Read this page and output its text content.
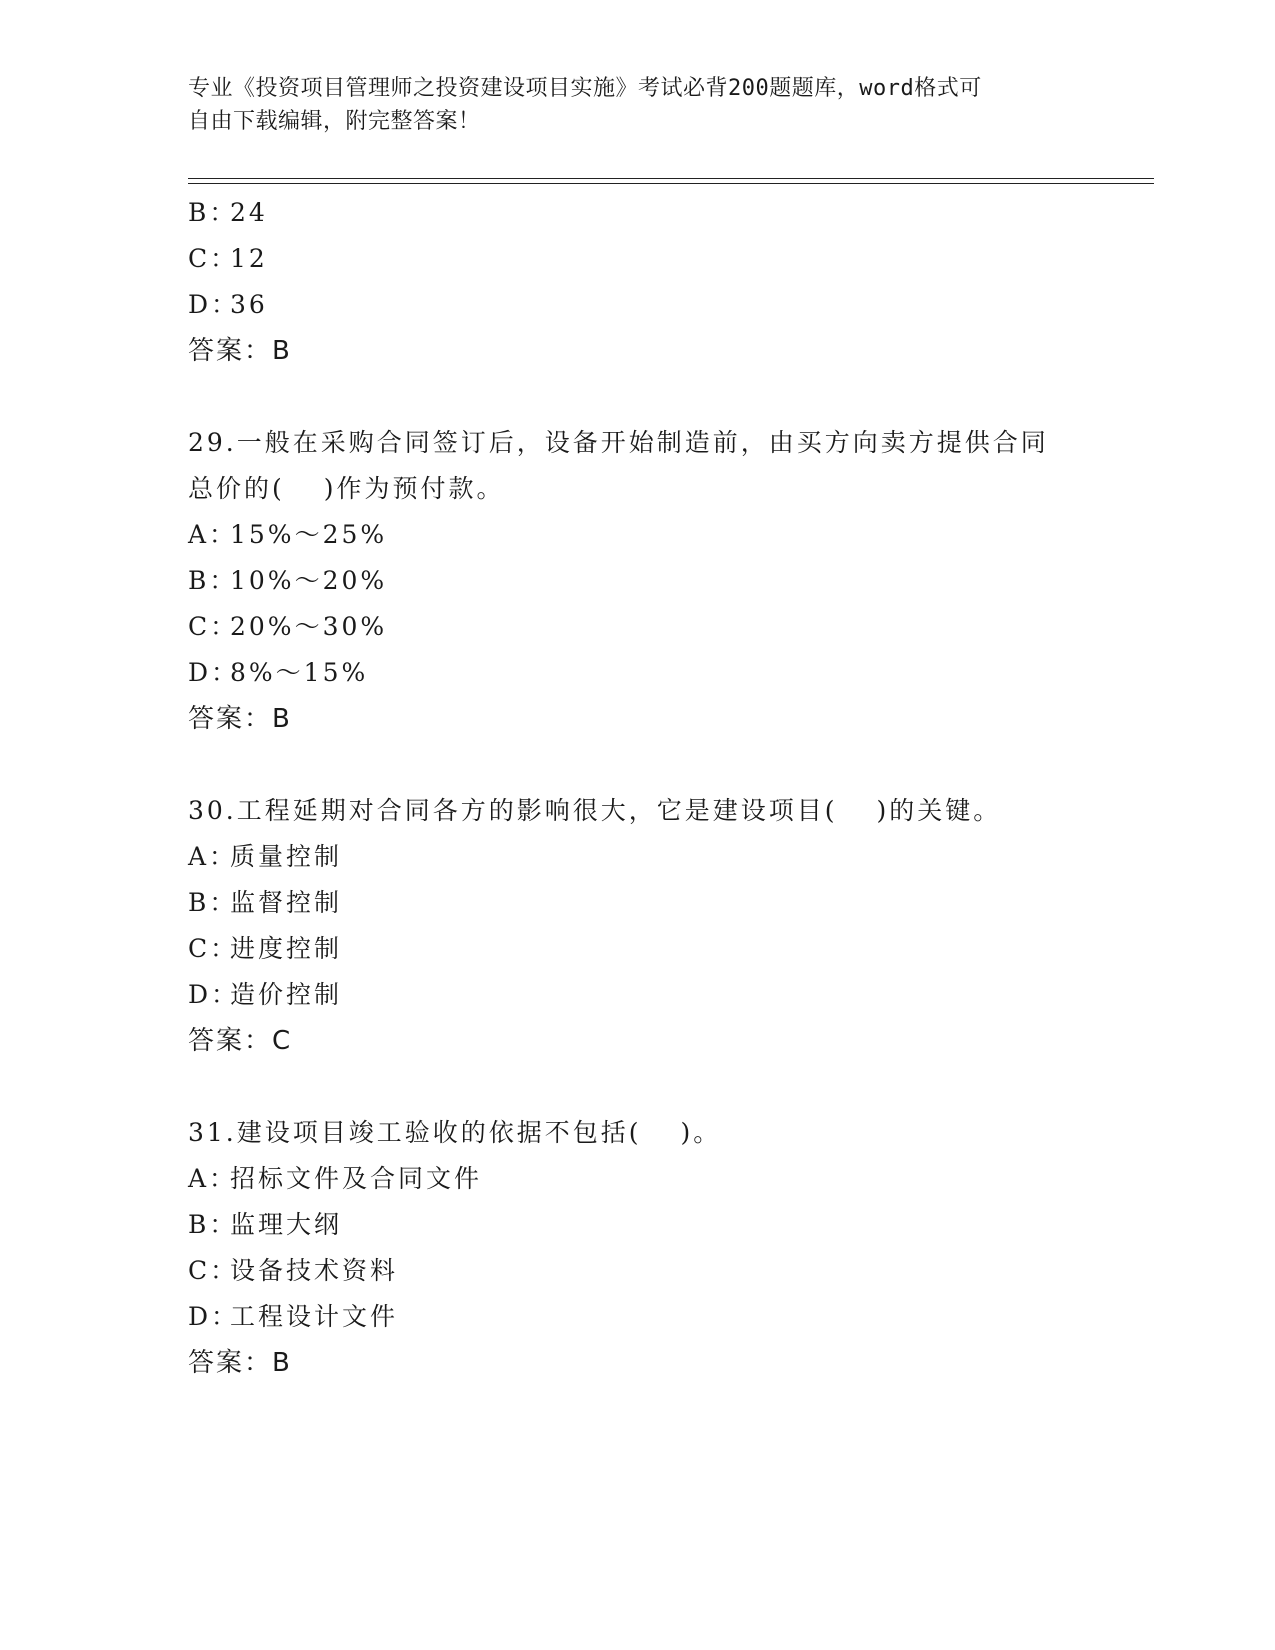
专业《投资项目管理师之投资建设项目实施》考试必背200题题库，word格式可
自由下载编辑，附完整答案！
B：24
C：12
D：36
答案：B
29.一般在采购合同签订后，设备开始制造前，由买方向卖方提供合同
总价的(　 )作为预付款。
A：15%～25%
B：10%～20%
C：20%～30%
D：8%～15%
答案：B
30.工程延期对合同各方的影响很大，它是建设项目(　 )的关键。
A：质量控制
B：监督控制
C：进度控制
D：造价控制
答案：C
31.建设项目竣工验收的依据不包括(　 )。
A：招标文件及合同文件
B：监理大纲
C：设备技术资料
D：工程设计文件
答案：B
